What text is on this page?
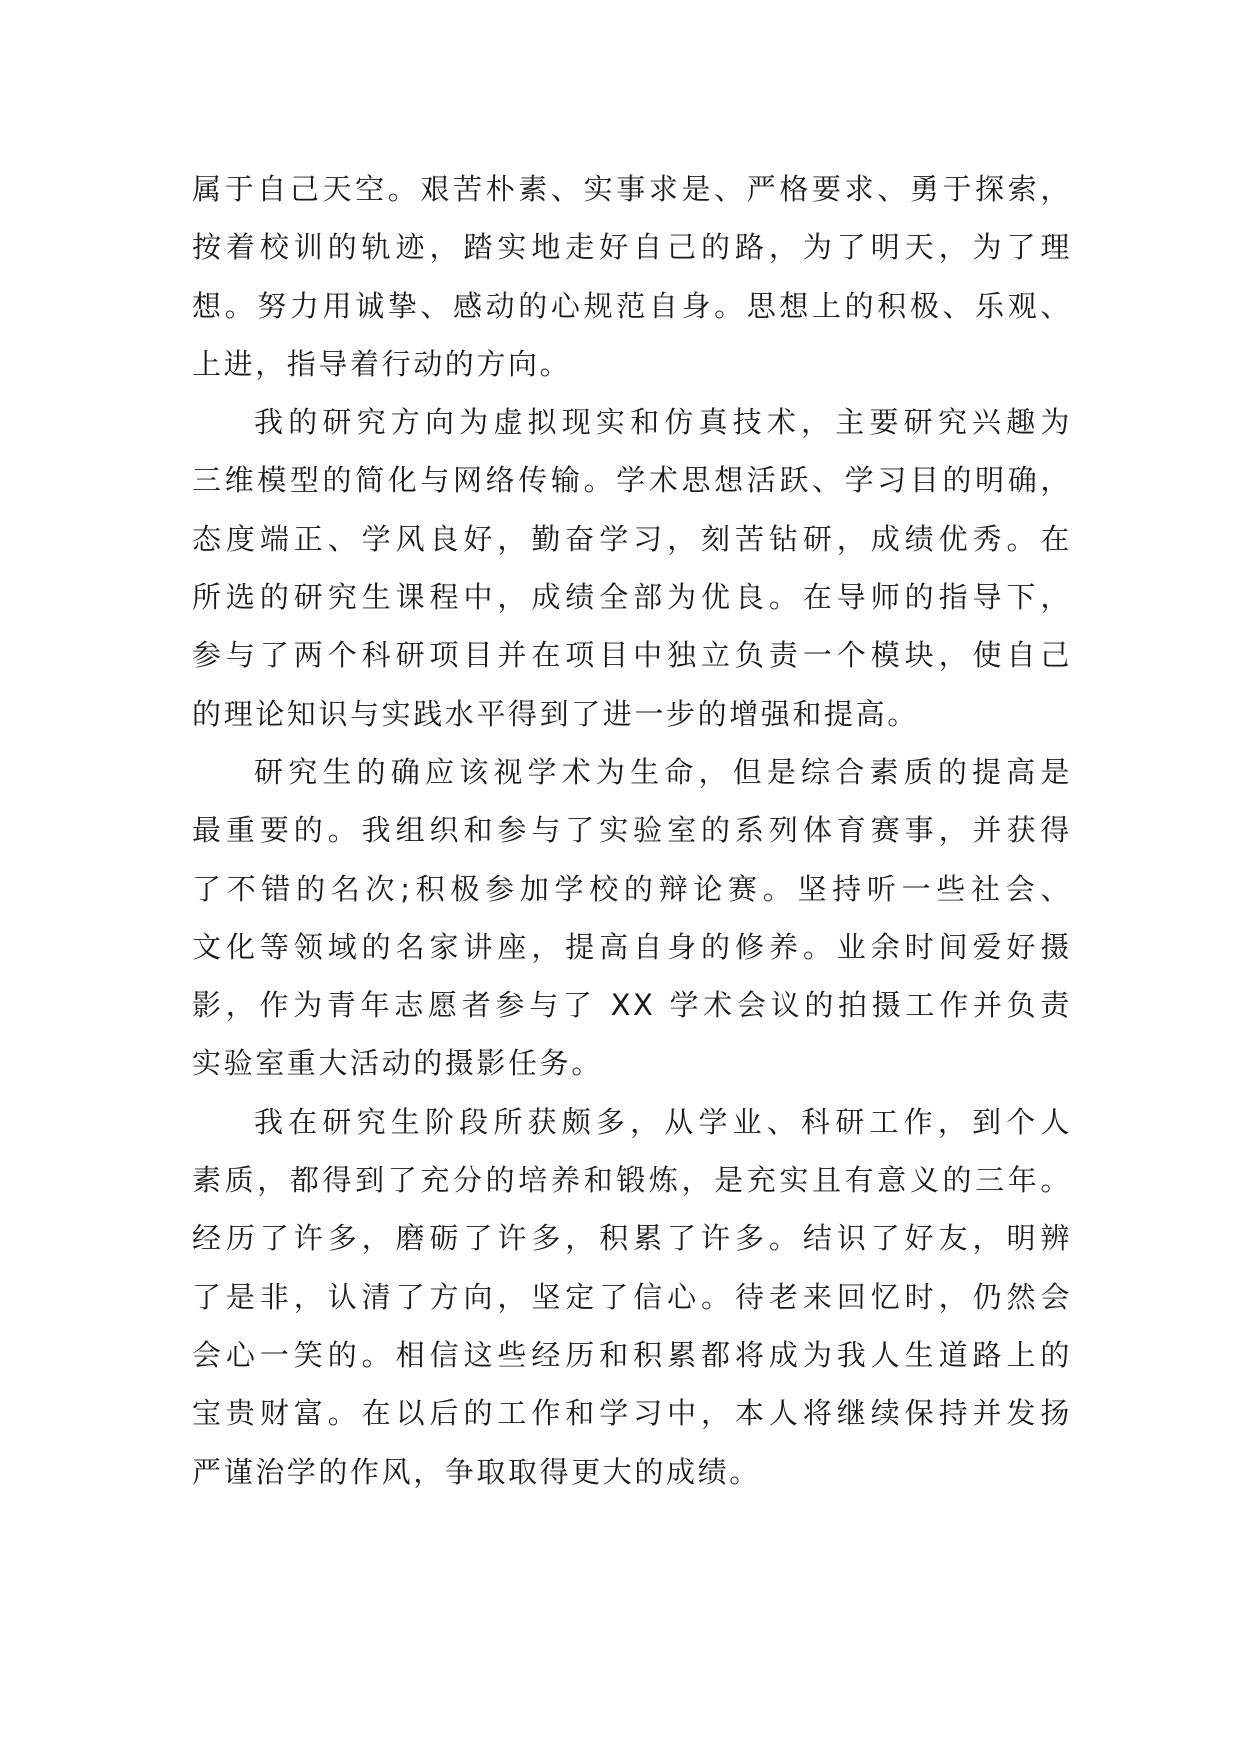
属于自己天空。艰苦朴素、实事求是、严格要求、勇于探索，
按着校训的轨迹，踏实地走好自己的路，为了明天，为了理
想。努力用诚挚、感动的心规范自身。思想上的积极、乐观、
上进，指导着行动的方向。
我的研究方向为虚拟现实和仿真技术，主要研究兴趣为
三维模型的简化与网络传输。学术思想活跃、学习目的明确，
态度端正、学风良好，勤奋学习，刻苦钻研，成绩优秀。在
所选的研究生课程中，成绩全部为优良。在导师的指导下，
参与了两个科研项目并在项目中独立负责一个模块，使自己
的理论知识与实践水平得到了进一步的增强和提高。
研究生的确应该视学术为生命，但是综合素质的提高是
最重要的。我组织和参与了实验室的系列体育赛事，并获得
了不错的名次;积极参加学校的辩论赛。坚持听一些社会、
文化等领域的名家讲座，提高自身的修养。业余时间爱好摄
影，作为青年志愿者参与了 XX 学术会议的拍摄工作并负责
实验室重大活动的摄影任务。
我在研究生阶段所获颇多，从学业、科研工作，到个人
素质，都得到了充分的培养和锻炼，是充实且有意义的三年。
经历了许多，磨砺了许多，积累了许多。结识了好友，明辨
了是非，认清了方向，坚定了信心。待老来回忆时，仍然会
会心一笑的。相信这些经历和积累都将成为我人生道路上的
宝贵财富。在以后的工作和学习中，本人将继续保持并发扬
严谨治学的作风，争取取得更大的成绩。
